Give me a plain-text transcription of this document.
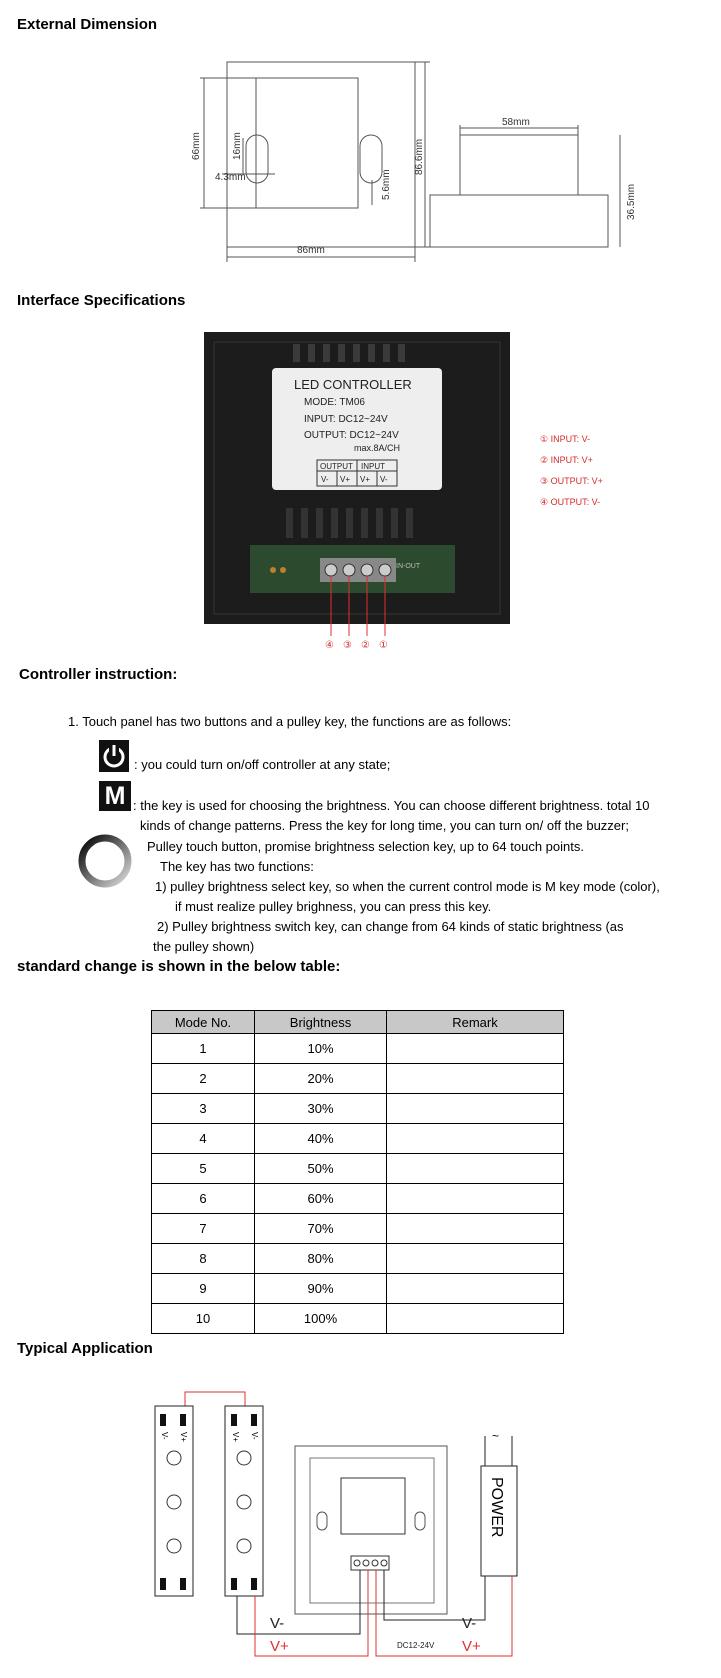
External Dimension
66mm	16mm
4.3mm
86mm
86.6mm
5.6mm
58mm
36.5mm
Interface Specifications
IN-OUT
LED CONTROLLER
MODE: TM06
INPUT: DC12~24V
OUTPUT: DC12~24V
max.8A/CH
OUTPUT INPUT
V- V+ V+ V-
④ ③ ② ①
① INPUT: V-
② INPUT: V+
③ OUTPUT: V+
④ OUTPUT: V-
Controller instruction:
1. Touch panel has two buttons and a pulley key, the functions are as follows:
: you could turn on/off controller at any state;
M : the key is used for choosing the brightness. You can choose different brightness. total 10
kinds of change patterns. Press the key for long time, you can turn on/ off the buzzer;
Pulley touch button, promise brightness selection key, up to 64 touch points.
The key has two functions:
1) pulley brightness select key, so when the current control mode is M key mode (color),
if must realize pulley brighness, you can press this key.
2) Pulley brightness switch key, can change from 64 kinds of static brightness (as
the pulley shown)
standard change is shown in the below table:
Mode No.	Brightness	Remark
1	10%	
2	20%	
3	30%	
4	40%	
5	50%	
6	60%	
7	70%	
8	80%	
9	90%	
10	100%	
Typical Application
V- V+	V+ V-	~
POWER
V-
V+
V-
V+
DC12-24V
